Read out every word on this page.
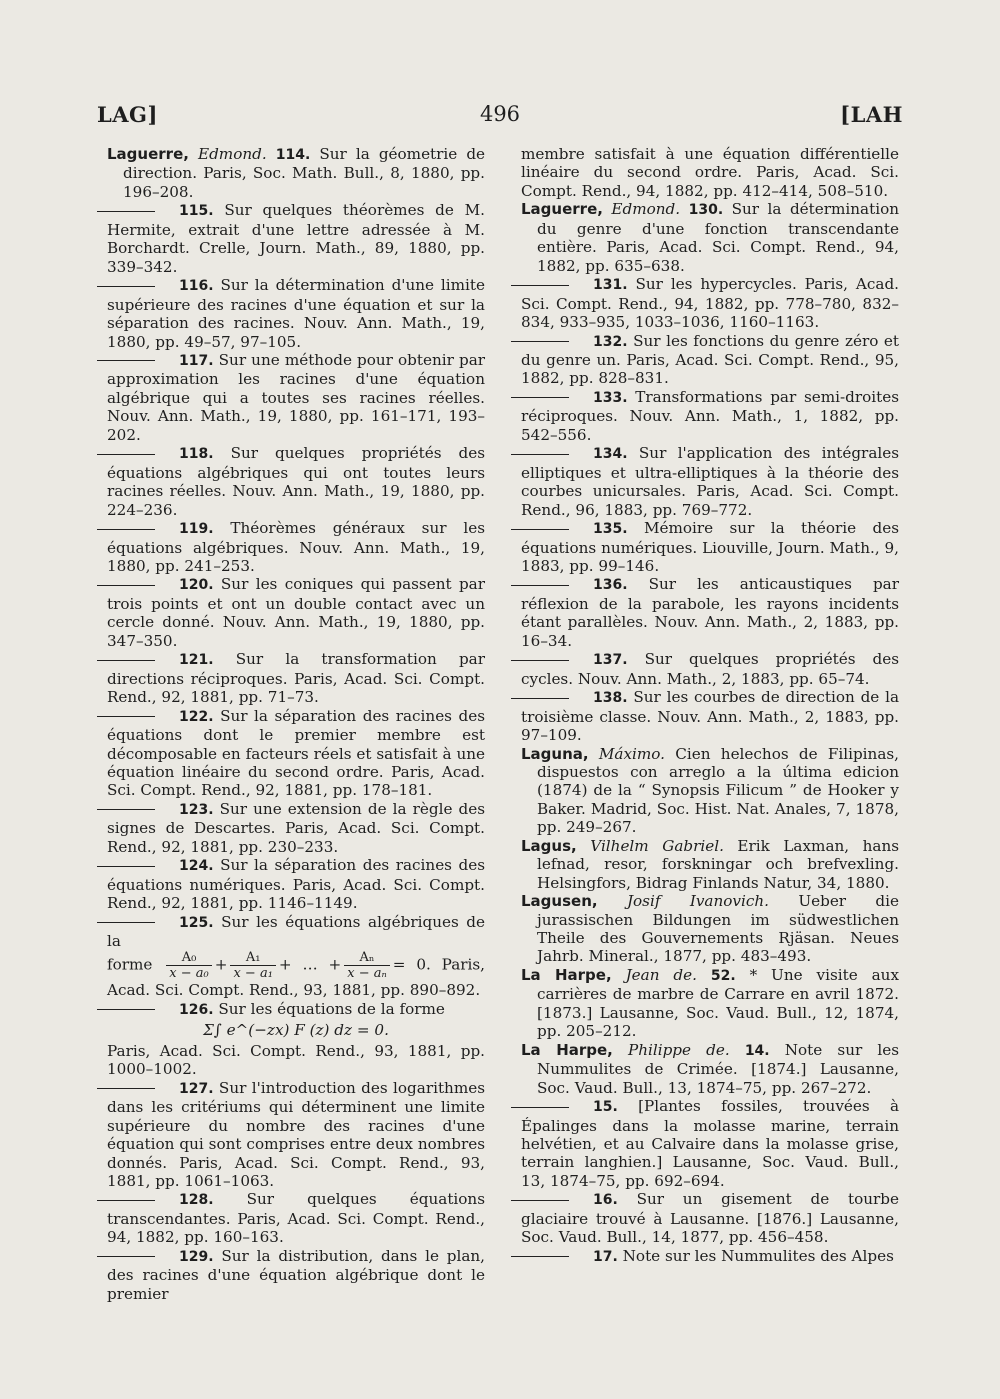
LAG]	496	[LAH

Laguerre, Edmond. 114. Sur la géometrie de direction. Paris, Soc. Math. Bull., 8, 1880, pp. 196–208.

115. Sur quelques théorèmes de M. Hermite, extrait d'une lettre adressée à M. Borchardt. Crelle, Journ. Math., 89, 1880, pp. 339–342.

116. Sur la détermination d'une limite supérieure des racines d'une équation et sur la séparation des racines. Nouv. Ann. Math., 19, 1880, pp. 49–57, 97–105.

117. Sur une méthode pour obtenir par approximation les racines d'une équation algébrique qui a toutes ses racines réelles. Nouv. Ann. Math., 19, 1880, pp. 161–171, 193–202.

118. Sur quelques propriétés des équations algébriques qui ont toutes leurs racines réelles. Nouv. Ann. Math., 19, 1880, pp. 224–236.

119. Théorèmes généraux sur les équations algébriques. Nouv. Ann. Math., 19, 1880, pp. 241–253.

120. Sur les coniques qui passent par trois points et ont un double contact avec un cercle donné. Nouv. Ann. Math., 19, 1880, pp. 347–350.

121. Sur la transformation par directions réciproques. Paris, Acad. Sci. Compt. Rend., 92, 1881, pp. 71–73.

122. Sur la séparation des racines des équations dont le premier membre est décomposable en facteurs réels et satisfait à une équation linéaire du second ordre. Paris, Acad. Sci. Compt. Rend., 92, 1881, pp. 178–181.

123. Sur une extension de la règle des signes de Descartes. Paris, Acad. Sci. Compt. Rend., 92, 1881, pp. 230–233.

124. Sur la séparation des racines des équations numériques. Paris, Acad. Sci. Compt. Rend., 92, 1881, pp. 1146–1149.

125. Sur les équations algébriques de la
forme $\frac{\text{A₀}}{\text{x − a₀}} + \frac{\text{A₁}}{\text{x − a₁}}$ + … + $\frac{\text{Aₙ}}{\text{x − aₙ}} = 0$. Paris, Acad. Sci. Compt. Rend., 93, 1881, pp. 890–892.

126. Sur les équations de la forme
Σ∫ e^(−zx) F (z) dz = 0.
Paris, Acad. Sci. Compt. Rend., 93, 1881, pp. 1000–1002.

127. Sur l'introduction des logarithmes dans les critériums qui déterminent une limite supérieure du nombre des racines d'une équation qui sont comprises entre deux nombres donnés. Paris, Acad. Sci. Compt. Rend., 93, 1881, pp. 1061–1063.

128. Sur quelques équations transcendantes. Paris, Acad. Sci. Compt. Rend., 94, 1882, pp. 160–163.

129. Sur la distribution, dans le plan, des racines d'une équation algébrique dont le premier

membre satisfait à une équation différentielle linéaire du second ordre. Paris, Acad. Sci. Compt. Rend., 94, 1882, pp. 412–414, 508–510.

Laguerre, Edmond. 130. Sur la détermination du genre d'une fonction transcendante entière. Paris, Acad. Sci. Compt. Rend., 94, 1882, pp. 635–638.

131. Sur les hypercycles. Paris, Acad. Sci. Compt. Rend., 94, 1882, pp. 778–780, 832–834, 933–935, 1033–1036, 1160–1163.

132. Sur les fonctions du genre zéro et du genre un. Paris, Acad. Sci. Compt. Rend., 95, 1882, pp. 828–831.

133. Transformations par semi-droites réciproques. Nouv. Ann. Math., 1, 1882, pp. 542–556.

134. Sur l'application des intégrales elliptiques et ultra-elliptiques à la théorie des courbes unicursales. Paris, Acad. Sci. Compt. Rend., 96, 1883, pp. 769–772.

135. Mémoire sur la théorie des équations numériques. Liouville, Journ. Math., 9, 1883, pp. 99–146.

136. Sur les anticaustiques par réflexion de la parabole, les rayons incidents étant parallèles. Nouv. Ann. Math., 2, 1883, pp. 16–34.

137. Sur quelques propriétés des cycles. Nouv. Ann. Math., 2, 1883, pp. 65–74.

138. Sur les courbes de direction de la troisième classe. Nouv. Ann. Math., 2, 1883, pp. 97–109.

Laguna, Máximo. Cien helechos de Filipinas, dispuestos con arreglo a la última edicion (1874) de la “ Synopsis Filicum ” de Hooker y Baker. Madrid, Soc. Hist. Nat. Anales, 7, 1878, pp. 249–267.

Lagus, Vilhelm Gabriel. Erik Laxman, hans lefnad, resor, forskningar och brefvexling. Helsingfors, Bidrag Finlands Natur, 34, 1880.

Lagusen, Josif Ivanovich. Ueber die jurassischen Bildungen im südwestlichen Theile des Gouvernements Rjäsan. Neues Jahrb. Mineral., 1877, pp. 483–493.

La Harpe, Jean de. 52. * Une visite aux carrières de marbre de Carrare en avril 1872. [1873.] Lausanne, Soc. Vaud. Bull., 12, 1874, pp. 205–212.

La Harpe, Philippe de. 14. Note sur les Nummulites de Crimée. [1874.] Lausanne, Soc. Vaud. Bull., 13, 1874–75, pp. 267–272.

15. [Plantes fossiles, trouvées à Épalinges dans la molasse marine, terrain helvétien, et au Calvaire dans la molasse grise, terrain langhien.] Lausanne, Soc. Vaud. Bull., 13, 1874–75, pp. 692–694.

16. Sur un gisement de tourbe glaciaire trouvé à Lausanne. [1876.] Lausanne, Soc. Vaud. Bull., 14, 1877, pp. 456–458.

17. Note sur les Nummulites des Alpes
